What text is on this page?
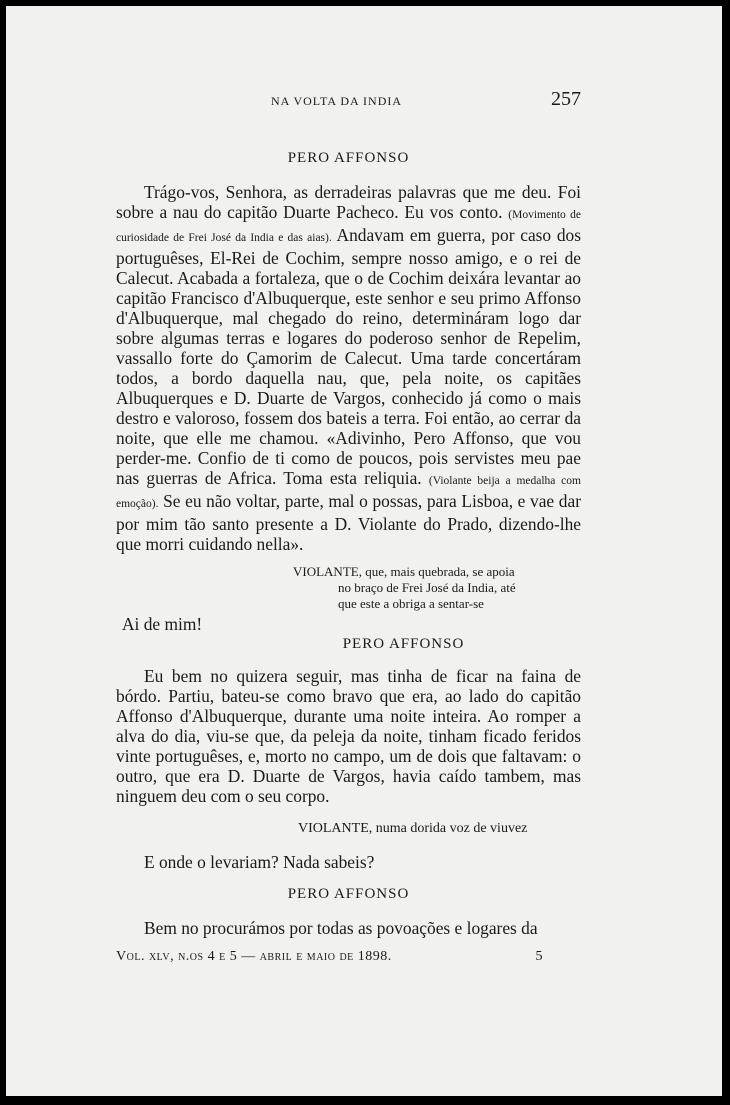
NA VOLTA DA INDIA	257
PERO AFFONSO
Trágo-vos, Senhora, as derradeiras palavras que me deu. Foi sobre a nau do capitão Duarte Pacheco. Eu vos conto. (Movimento de curiosidade de Frei José da India e das aias). Andavam em guerra, por caso dos portuguêses, El-Rei de Cochim, sempre nosso amigo, e o rei de Calecut. Acabada a fortaleza, que o de Cochim deixára levantar ao capitão Francisco d'Albuquerque, este senhor e seu primo Affonso d'Albuquerque, mal chegado do reino, determináram logo dar sobre algumas terras e logares do poderoso senhor de Repelim, vassallo forte do Çamorim de Calecut. Uma tarde concertáram todos, a bordo daquella nau, que, pela noite, os capitães Albuquerques e D. Duarte de Vargos, conhecido já como o mais destro e valoroso, fossem dos bateis a terra. Foi então, ao cerrar da noite, que elle me chamou. «Adivinho, Pero Affonso, que vou perder-me. Confio de ti como de poucos, pois servistes meu pae nas guerras de Africa. Toma esta reliquia. (Violante beija a medalha com emoção). Se eu não voltar, parte, mal o possas, para Lisboa, e vae dar por mim tão santo presente a D. Violante do Prado, dizendo-lhe que morri cuidando nella».
VIOLANTE, que, mais quebrada, se apoia
no braço de Frei José da India, até
que este a obriga a sentar-se
Ai de mim!
PERO AFFONSO
Eu bem no quizera seguir, mas tinha de ficar na faina de bórdo. Partiu, bateu-se como bravo que era, ao lado do capitão Affonso d'Albuquerque, durante uma noite inteira. Ao romper a alva do dia, viu-se que, da peleja da noite, tinham ficado feridos vinte portuguêses, e, morto no campo, um de dois que faltavam: o outro, que era D. Duarte de Vargos, havia caído tambem, mas ninguem deu com o seu corpo.
VIOLANTE, numa dorida voz de viuvez
E onde o levariam? Nada sabeis?
PERO AFFONSO
Bem no procurámos por todas as povoações e logares da
Vol. xlv, n.os 4 e 5 — abril e maio de 1898.	5
